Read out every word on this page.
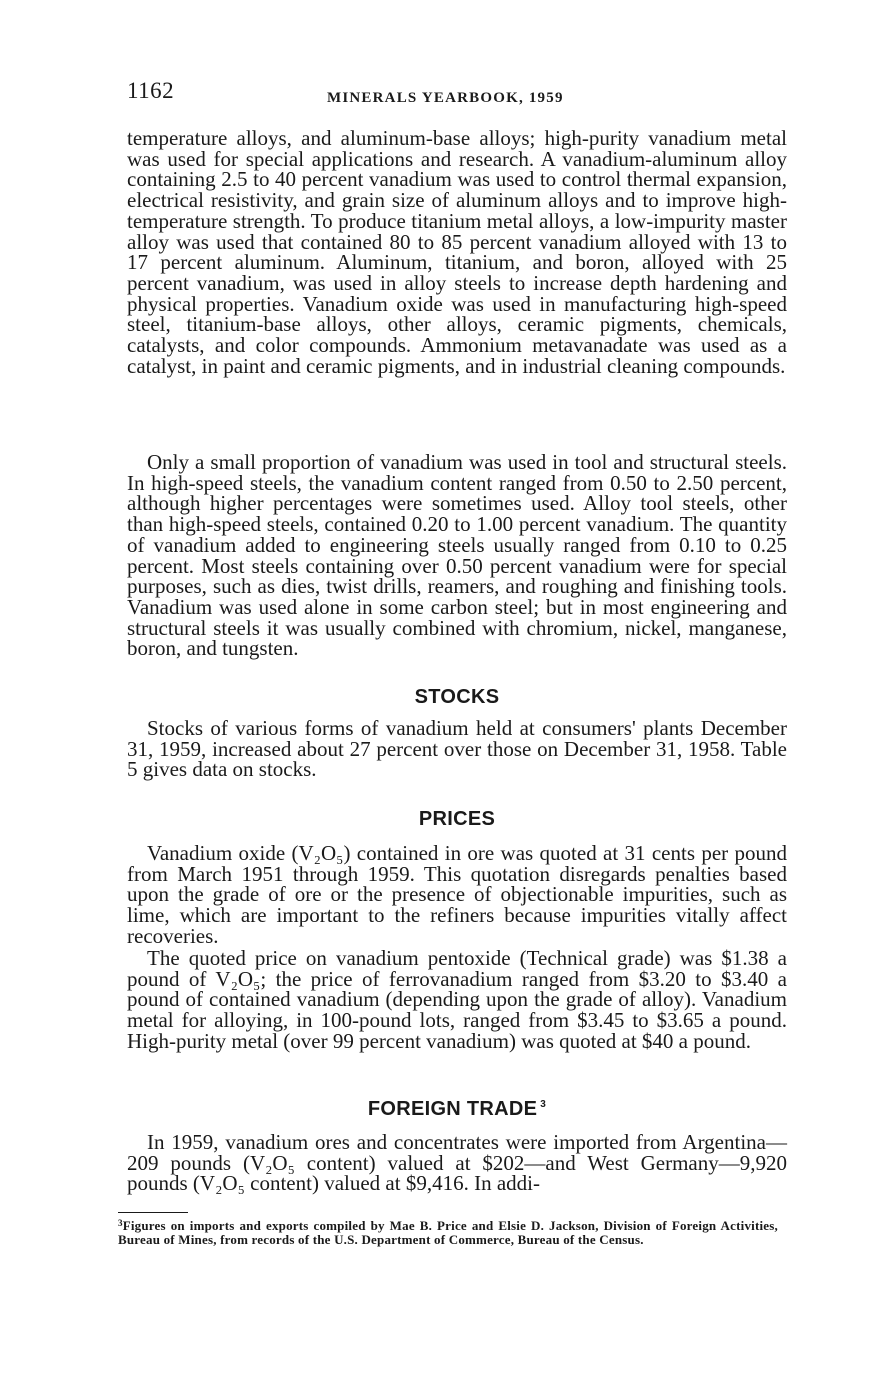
1162	MINERALS YEARBOOK, 1959

temperature alloys, and aluminum-base alloys; high-purity vanadium metal was used for special applications and research. A vanadium-aluminum alloy containing 2.5 to 40 percent vanadium was used to control thermal expansion, electrical resistivity, and grain size of aluminum alloys and to improve high-temperature strength. To produce titanium metal alloys, a low-impurity master alloy was used that contained 80 to 85 percent vanadium alloyed with 13 to 17 percent aluminum. Aluminum, titanium, and boron, alloyed with 25 percent vanadium, was used in alloy steels to increase depth hardening and physical properties. Vanadium oxide was used in manufacturing high-speed steel, titanium-base alloys, other alloys, ceramic pigments, chemicals, catalysts, and color compounds. Ammonium metavanadate was used as a catalyst, in paint and ceramic pigments, and in industrial cleaning compounds.

Only a small proportion of vanadium was used in tool and structural steels. In high-speed steels, the vanadium content ranged from 0.50 to 2.50 percent, although higher percentages were sometimes used. Alloy tool steels, other than high-speed steels, contained 0.20 to 1.00 percent vanadium. The quantity of vanadium added to engineering steels usually ranged from 0.10 to 0.25 percent. Most steels containing over 0.50 percent vanadium were for special purposes, such as dies, twist drills, reamers, and roughing and finishing tools. Vanadium was used alone in some carbon steel; but in most engineering and structural steels it was usually combined with chromium, nickel, manganese, boron, and tungsten.

STOCKS

Stocks of various forms of vanadium held at consumers' plants December 31, 1959, increased about 27 percent over those on December 31, 1958. Table 5 gives data on stocks.

PRICES

Vanadium oxide (V₂O₅) contained in ore was quoted at 31 cents per pound from March 1951 through 1959. This quotation disregards penalties based upon the grade of ore or the presence of objectionable impurities, such as lime, which are important to the refiners because impurities vitally affect recoveries.

The quoted price on vanadium pentoxide (Technical grade) was $1.38 a pound of V₂O₅; the price of ferrovanadium ranged from $3.20 to $3.40 a pound of contained vanadium (depending upon the grade of alloy). Vanadium metal for alloying, in 100-pound lots, ranged from $3.45 to $3.65 a pound. High-purity metal (over 99 percent vanadium) was quoted at $40 a pound.

FOREIGN TRADE $^3$

In 1959, vanadium ores and concentrates were imported from Argentina—209 pounds (V₂O₅ content) valued at $202—and West Germany—9,920 pounds (V₂O₅ content) valued at $9,416. In addi-

$^3$Figures on imports and exports compiled by Mae B. Price and Elsie D. Jackson, Division of Foreign Activities, Bureau of Mines, from records of the U.S. Department of Commerce, Bureau of the Census.
